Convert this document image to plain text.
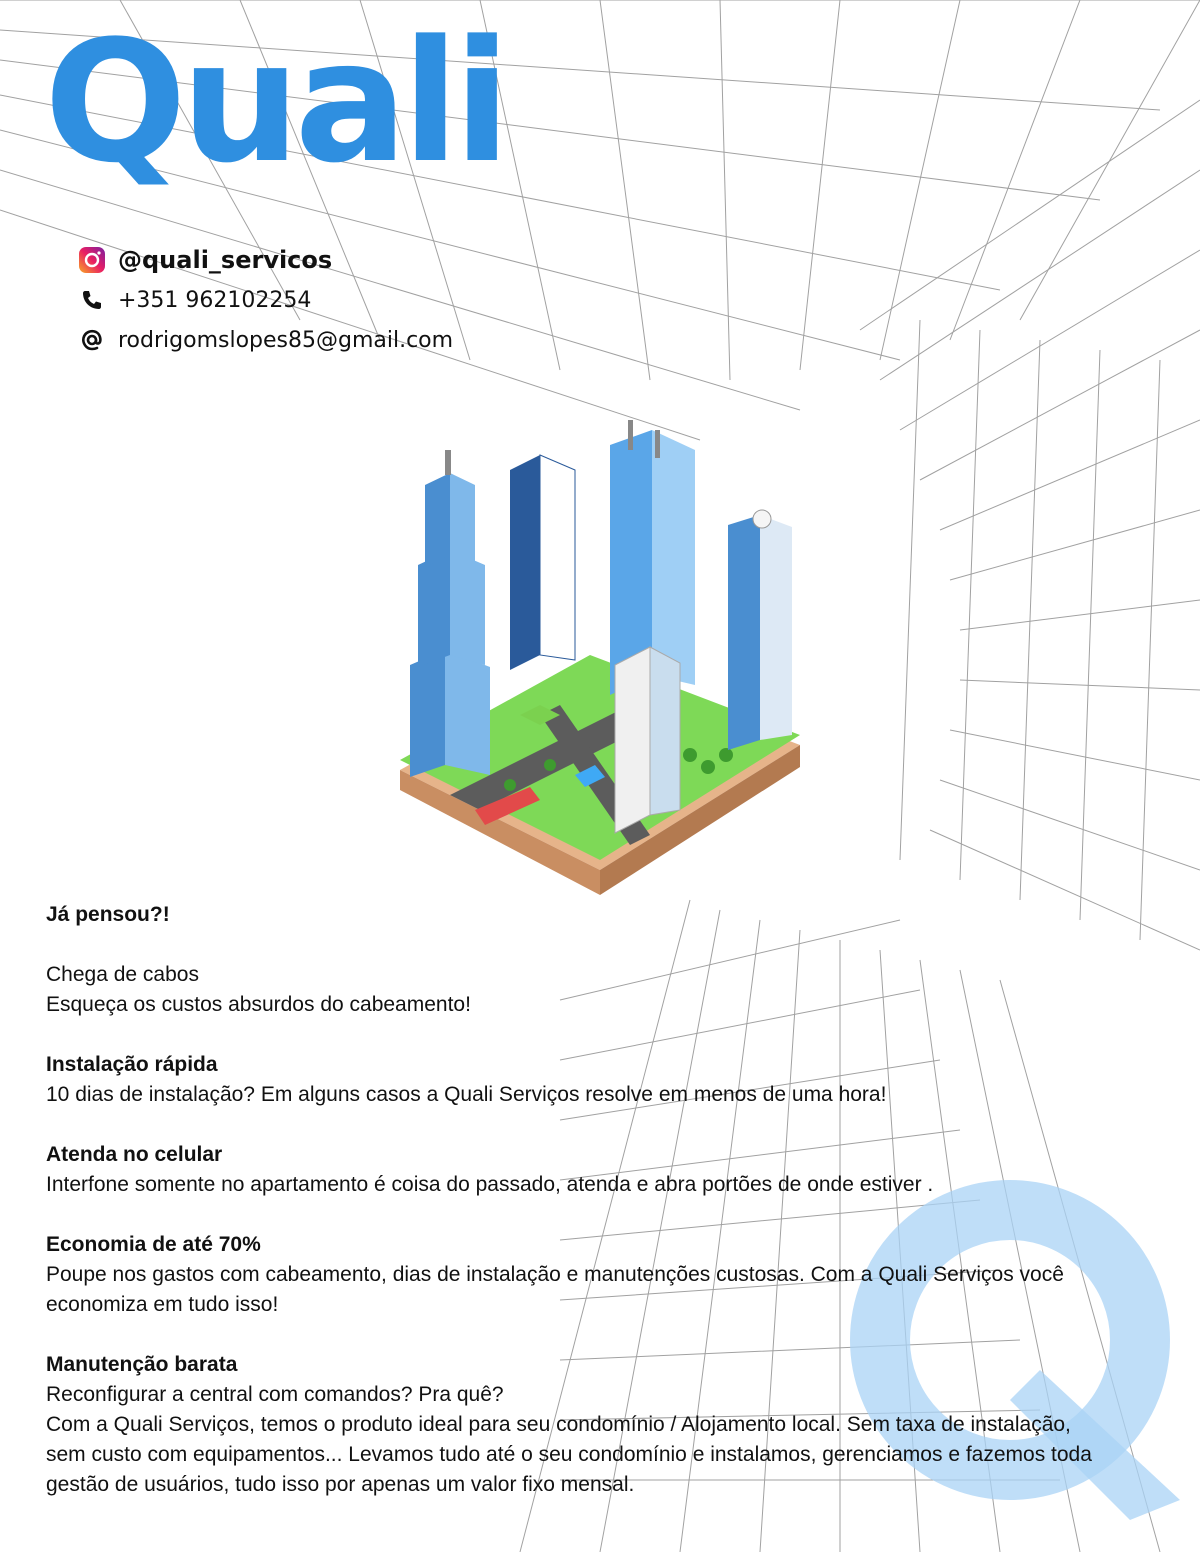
Quali
@quali_servicos
+351 962102254
rodrigomslopes85@gmail.com
Já pensou?!
Chega de cabos
Esqueça os custos absurdos do cabeamento!
Instalação rápida
10 dias de instalação? Em alguns casos a Quali Serviços resolve em menos de uma hora!
Atenda no celular
Interfone somente no apartamento é coisa do passado, atenda e abra portões de onde estiver .
Economia de até 70%
Poupe nos gastos com cabeamento, dias de instalação e manutenções custosas. Com a Quali Serviços você
economiza em tudo isso!
Manutenção barata
Reconfigurar a central com comandos? Pra quê?
Com a Quali Serviços, temos o produto ideal para seu condomínio / Alojamento local. Sem taxa de instalação,
sem custo com equipamentos... Levamos tudo até o seu condomínio e instalamos, gerenciamos e fazemos toda
gestão de usuários, tudo isso por apenas um valor fixo mensal.
